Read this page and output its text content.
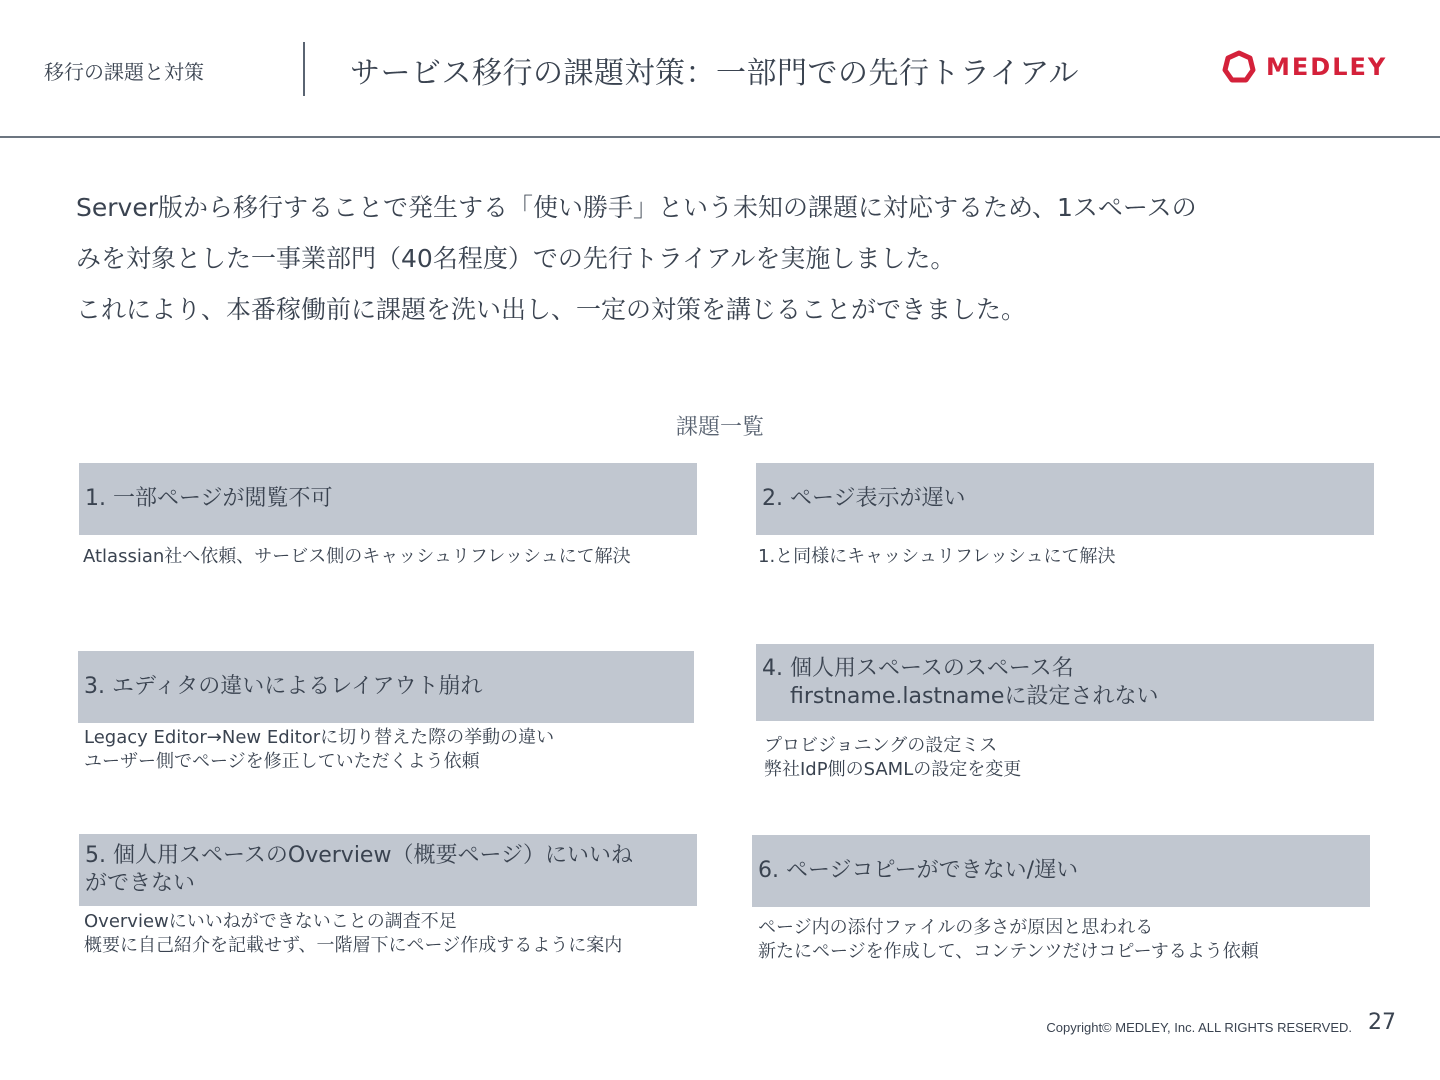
移行の課題と対策	サービス移行の課題対策：一部門での先行トライアル	MEDLEY

Server版から移行することで発生する「使い勝手」という未知の課題に対応するため、1スペースの

みを対象とした一事業部門（40名程度）での先行トライアルを実施しました。

これにより、本番稼働前に課題を洗い出し、一定の対策を講じることができました。

課題一覧
1. 一部ページが閲覧不可
Atlassian社へ依頼、サービス側のキャッシュリフレッシュにて解決
2. ページ表示が遅い
1.と同様にキャッシュリフレッシュにて解決
3. エディタの違いによるレイアウト崩れ
Legacy Editor→New Editorに切り替えた際の挙動の違い
ユーザー側でページを修正していただくよう依頼
4. 個人用スペースのスペース名
firstname.lastnameに設定されない
プロビジョニングの設定ミス
弊社IdP側のSAMLの設定を変更
5. 個人用スペースのOverview（概要ページ）にいいね
ができない
Overviewにいいねができないことの調査不足
概要に自己紹介を記載せず、一階層下にページ作成するように案内
6. ページコピーができない/遅い
ページ内の添付ファイルの多さが原因と思われる
新たにページを作成して、コンテンツだけコピーするよう依頼
Copyright© MEDLEY, Inc. ALL RIGHTS RESERVED. 27
